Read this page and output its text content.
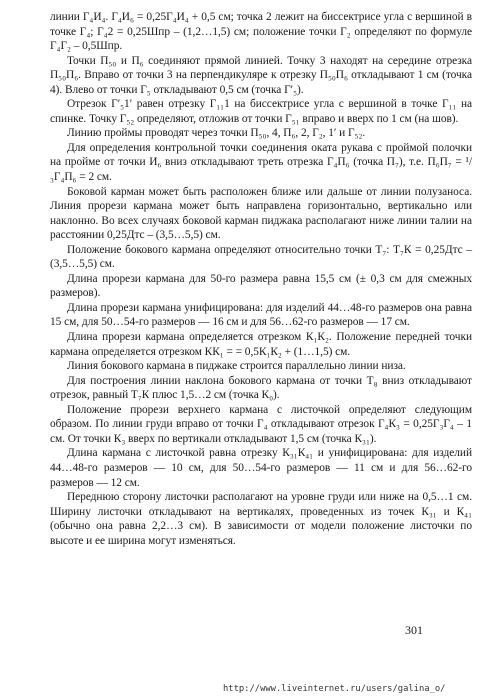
линии Г₄И₄. Г₄И₆ = 0,25Г₄И₄ + 0,5 см; точка 2 лежит на биссектрисе угла с вершиной в точке Г₄; Г₄2 = 0,25Шпр – (1,2…1,5) см; положение точки Г₂ определяют по формуле Г₄Г₂ – 0,5Шпр.

Точки П₅₀ и П₆ соединяют прямой линией. Точку 3 находят на середине отрезка П₅₀П₆. Вправо от точки 3 на перпендикуляре к отрезку П₅₀П₆ откладывают 1 см (точка 4). Влево от точки Г₅ откладывают 0,5 см (точка Г′₅).

Отрезок Г′₅1′ равен отрезку Г₁₁1 на биссектрисе угла с вершиной в точке Г₁₁ на спинке. Точку Г₅₂ определяют, отложив от точки Г₅₁ вправо и вверх по 1 см (на шов).

Линию проймы проводят через точки П₅₀, 4, П₆, 2, Г₂, 1′ и Г₅₂.

Для определения контрольной точки соединения оката рукава с проймой полочки на пройме от точки И₆ вниз откладывают треть отрезка Г₄П₆ (точка П₇), т.е. П₆П₇ = ¹/₃Г₄П₆ = 2 см.

Боковой карман может быть расположен ближе или дальше от линии полузаноса. Линия прорези кармана может быть направлена горизонтально, вертикально или наклонно. Во всех случаях боковой карман пиджака располагают ниже линии талии на расстоянии 0,25Дтс – (3,5…5,5) см.

Положение бокового кармана определяют относительно точки Т₇: Т₇К = 0,25Дтс – (3,5…5,5) см.

Длина прорези кармана для 50-го размера равна 15,5 см (± 0,3 см для смежных размеров).

Длина прорези кармана унифицирована: для изделий 44…48-го размеров она равна 15 см, для 50…54-го размеров — 16 см и для 56…62-го размеров — 17 см.

Длина прорези кармана определяется отрезком К₁К₂. Положение передней точки кармана определяется отрезком КК₁ = = 0,5К₁К₂ + (1…1,5) см.

Линия бокового кармана в пиджаке строится параллельно линии низа.

Для построения линии наклона бокового кармана от точки Т₈ вниз откладывают отрезок, равный Т₇К плюс 1,5…2 см (точка К₀).

Положение прорези верхнего кармана с листочкой определяют следующим образом. По линии груди вправо от точки Г₄ откладывают отрезок Г₄К₃ = 0,25Г₃Г₄ – 1 см. От точки К₃ вверх по вертикали откладывают 1,5 см (точка К₃₁).

Длина кармана с листочкой равна отрезку К₃₁К₄₁ и унифицирована: для изделий 44…48-го размеров — 10 см, для 50…54-го размеров — 11 см и для 56…62-го размеров — 12 см.

Переднюю сторону листочки располагают на уровне груди или ниже на 0,5…1 см. Ширину листочки откладывают на вертикалях, проведенных из точек К₃₁ и К₄₁ (обычно она равна 2,2…3 см). В зависимости от модели положение листочки по высоте и ее ширина могут изменяться.

301
http://www.liveinternet.ru/users/galina_o/
